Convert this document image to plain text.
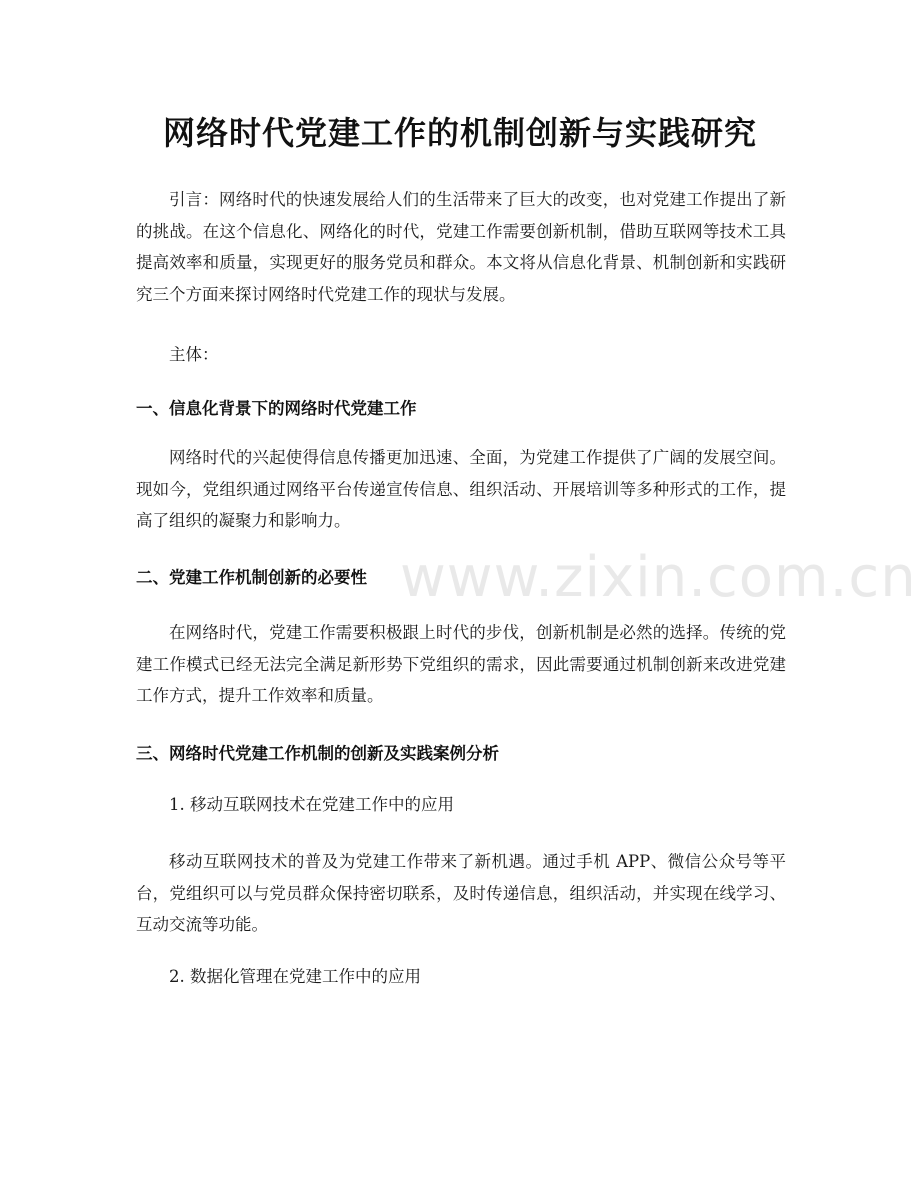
www.zixin.com.cn
网络时代党建工作的机制创新与实践研究

引言：网络时代的快速发展给人们的生活带来了巨大的改变，也对党建工作提出了新的挑战。在这个信息化、网络化的时代，党建工作需要创新机制，借助互联网等技术工具提高效率和质量，实现更好的服务党员和群众。本文将从信息化背景、机制创新和实践研究三个方面来探讨网络时代党建工作的现状与发展。

主体：

一、信息化背景下的网络时代党建工作

网络时代的兴起使得信息传播更加迅速、全面，为党建工作提供了广阔的发展空间。现如今，党组织通过网络平台传递宣传信息、组织活动、开展培训等多种形式的工作，提高了组织的凝聚力和影响力。

二、党建工作机制创新的必要性

在网络时代，党建工作需要积极跟上时代的步伐，创新机制是必然的选择。传统的党建工作模式已经无法完全满足新形势下党组织的需求，因此需要通过机制创新来改进党建工作方式，提升工作效率和质量。

三、网络时代党建工作机制的创新及实践案例分析

1. 移动互联网技术在党建工作中的应用

移动互联网技术的普及为党建工作带来了新机遇。通过手机 APP、微信公众号等平台，党组织可以与党员群众保持密切联系，及时传递信息，组织活动，并实现在线学习、互动交流等功能。

2. 数据化管理在党建工作中的应用
